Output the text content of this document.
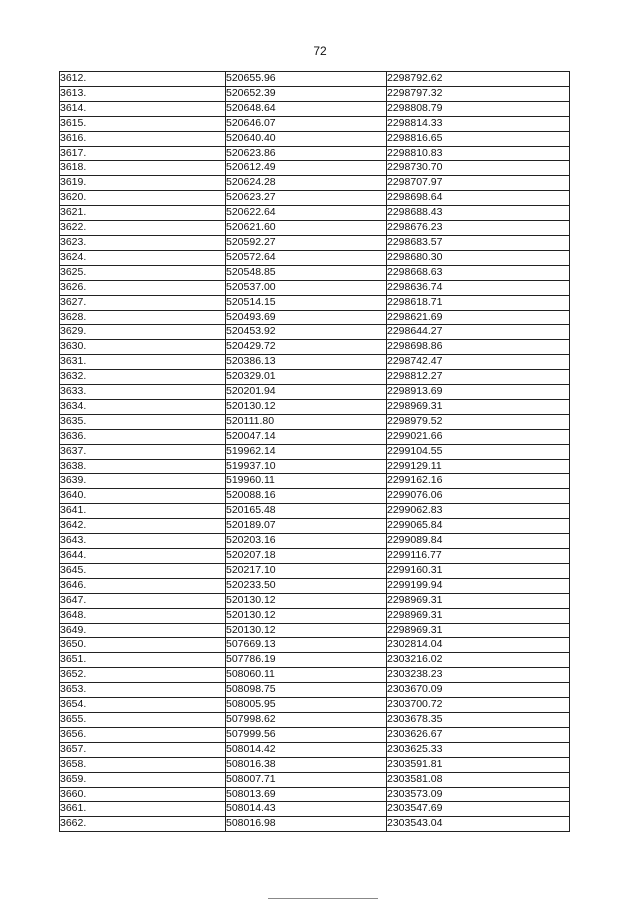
72
3612.	520655.96	2298792.62
3613.	520652.39	2298797.32
3614.	520648.64	2298808.79
3615.	520646.07	2298814.33
3616.	520640.40	2298816.65
3617.	520623.86	2298810.83
3618.	520612.49	2298730.70
3619.	520624.28	2298707.97
3620.	520623.27	2298698.64
3621.	520622.64	2298688.43
3622.	520621.60	2298676.23
3623.	520592.27	2298683.57
3624.	520572.64	2298680.30
3625.	520548.85	2298668.63
3626.	520537.00	2298636.74
3627.	520514.15	2298618.71
3628.	520493.69	2298621.69
3629.	520453.92	2298644.27
3630.	520429.72	2298698.86
3631.	520386.13	2298742.47
3632.	520329.01	2298812.27
3633.	520201.94	2298913.69
3634.	520130.12	2298969.31
3635.	520111.80	2298979.52
3636.	520047.14	2299021.66
3637.	519962.14	2299104.55
3638.	519937.10	2299129.11
3639.	519960.11	2299162.16
3640.	520088.16	2299076.06
3641.	520165.48	2299062.83
3642.	520189.07	2299065.84
3643.	520203.16	2299089.84
3644.	520207.18	2299116.77
3645.	520217.10	2299160.31
3646.	520233.50	2299199.94
3647.	520130.12	2298969.31
3648.	520130.12	2298969.31
3649.	520130.12	2298969.31
3650.	507669.13	2302814.04
3651.	507786.19	2303216.02
3652.	508060.11	2303238.23
3653.	508098.75	2303670.09
3654.	508005.95	2303700.72
3655.	507998.62	2303678.35
3656.	507999.56	2303626.67
3657.	508014.42	2303625.33
3658.	508016.38	2303591.81
3659.	508007.71	2303581.08
3660.	508013.69	2303573.09
3661.	508014.43	2303547.69
3662.	508016.98	2303543.04
